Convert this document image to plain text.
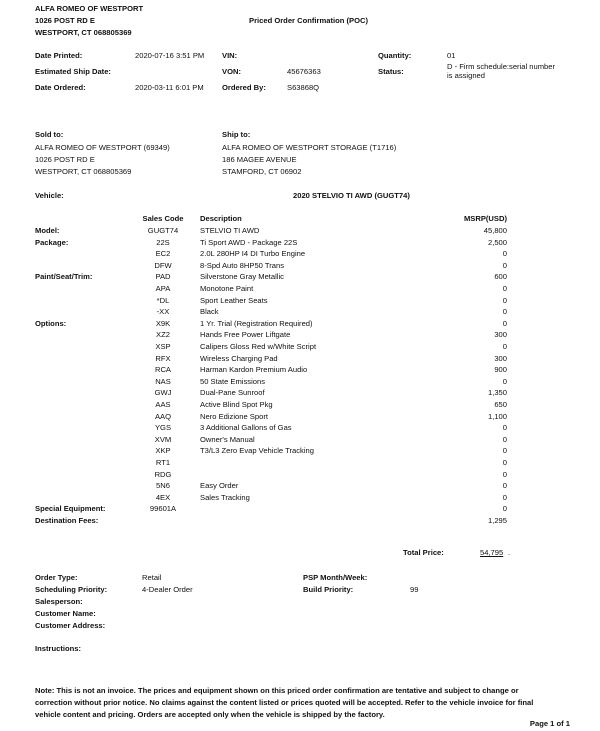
ALFA ROMEO OF WESTPORT
1026 POST RD E
WESTPORT, CT 068805369
Priced Order Confirmation (POC)
Date Printed:	2020-07-16 3:51 PM
Estimated Ship Date:
Date Ordered:	2020-03-11 6:01 PM
VIN:
VON:	45676363
Ordered By:	S63868Q
Quantity:	01
Status:
D - Firm schedule:serial number
is assigned
Sold to:
ALFA ROMEO OF WESTPORT (69349)
1026 POST RD E
WESTPORT, CT 068805369
Ship to:
ALFA ROMEO OF WESTPORT STORAGE (T1716)
186 MAGEE AVENUE
STAMFORD, CT 06902
Vehicle:	2020 STELVIO TI AWD (GUGT74)
Sales Code	Description	MSRP(USD)
Model:	GUGT74	STELVIO TI AWD	45,800
Package:	22S	Ti Sport AWD - Package 22S	2,500
EC2	2.0L 280HP I4 DI Turbo Engine	0
DFW	8-Spd Auto 8HP50 Trans	0
Paint/Seat/Trim:	PAD	Silverstone Gray Metallic	600
APA	Monotone Paint	0
*DL	Sport Leather Seats	0
-XX	Black	0
Options:	X9K	1 Yr. Trial (Registration Required)	0
XZ2	Hands Free Power Liftgate	300
XSP	Calipers Gloss Red w/White Script	0
RFX	Wireless Charging Pad	300
RCA	Harman Kardon Premium Audio	900
NAS	50 State Emissions	0
GWJ	Dual-Pane Sunroof	1,350
AAS	Active Blind Spot Pkg	650
AAQ	Nero Edizione Sport	1,100
YGS	3 Additional Gallons of Gas	0
XVM	Owner's Manual	0
XKP	T3/L3 Zero Evap Vehicle Tracking	0
RT1	0
RDG	0
5N6	Easy Order	0
4EX	Sales Tracking	0
Special Equipment:	99601A	0
Destination Fees:	1,295
Total Price:	54,795 .
Order Type:	Retail
Scheduling Priority:	4-Dealer Order
Salesperson:
Customer Name:
Customer Address:
PSP Month/Week:
Build Priority:	99
Instructions:
Note: This is not an invoice. The prices and equipment shown on this priced order confirmation are tentative and subject to change or
correction without prior notice. No claims against the content listed or prices quoted will be accepted. Refer to the vehicle invoice for final
vehicle content and pricing. Orders are accepted only when the vehicle is shipped by the factory.
Page 1 of 1
